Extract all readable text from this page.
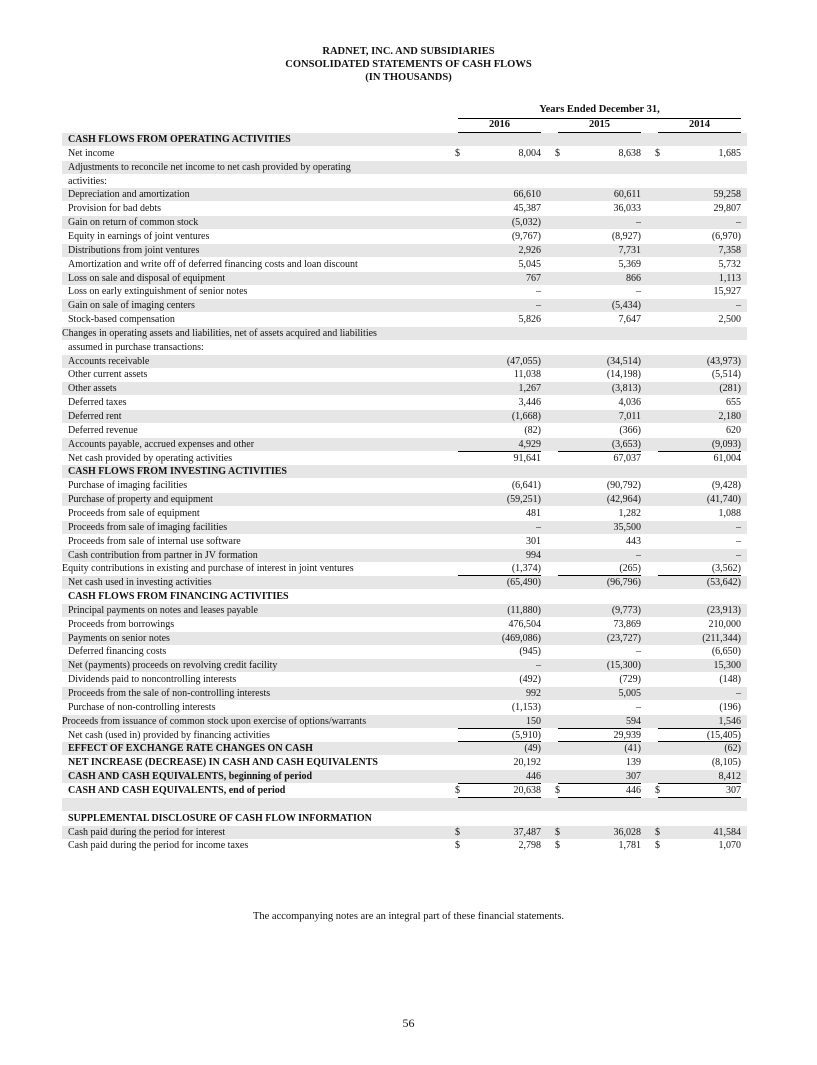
RADNET, INC. AND SUBSIDIARIES
CONSOLIDATED STATEMENTS OF CASH FLOWS
(IN THOUSANDS)
Years Ended December 31,
2016	2015	2014
CASH FLOWS FROM OPERATING ACTIVITIES
Net income	$	8,004 $	8,638 $	1,685
Adjustments to reconcile net income to net cash provided by operating
activities:
Depreciation and amortization	66,610	60,611	59,258
Provision for bad debts	45,387	36,033	29,807
Gain on return of common stock	(5,032)	–	–
Equity in earnings of joint ventures	(9,767)	(8,927)	(6,970)
Distributions from joint ventures	2,926	7,731	7,358
Amortization and write off of deferred financing costs and loan discount	5,045	5,369	5,732
Loss on sale and disposal of equipment	767	866	1,113
Loss on early extinguishment of senior notes	–	–	15,927
Gain on sale of imaging centers	–	(5,434)	–
Stock-based compensation	5,826	7,647	2,500
Changes in operating assets and liabilities, net of assets acquired and liabilities
assumed in purchase transactions:
Accounts receivable	(47,055)	(34,514)	(43,973)
Other current assets	11,038	(14,198)	(5,514)
Other assets	1,267	(3,813)	(281)
Deferred taxes	3,446	4,036	655
Deferred rent	(1,668)	7,011	2,180
Deferred revenue	(82)	(366)	620
Accounts payable, accrued expenses and other	4,929	(3,653)	(9,093)
Net cash provided by operating activities	91,641	67,037	61,004
CASH FLOWS FROM INVESTING ACTIVITIES
Purchase of imaging facilities	(6,641)	(90,792)	(9,428)
Purchase of property and equipment	(59,251)	(42,964)	(41,740)
Proceeds from sale of equipment	481	1,282	1,088
Proceeds from sale of imaging facilities	–	35,500	–
Proceeds from sale of internal use software	301	443	–
Cash contribution from partner in JV formation	994	–	–
Equity contributions in existing and purchase of interest in joint ventures	(1,374)	(265)	(3,562)
Net cash used in investing activities	(65,490)	(96,796)	(53,642)
CASH FLOWS FROM FINANCING ACTIVITIES
Principal payments on notes and leases payable	(11,880)	(9,773)	(23,913)
Proceeds from borrowings	476,504	73,869	210,000
Payments on senior notes	(469,086)	(23,727)	(211,344)
Deferred financing costs	(945)	–	(6,650)
Net (payments) proceeds on revolving credit facility	–	(15,300)	15,300
Dividends paid to noncontrolling interests	(492)	(729)	(148)
Proceeds from the sale of non-controlling interests	992	5,005	–
Purchase of non-controlling interests	(1,153)	–	(196)
Proceeds from issuance of common stock upon exercise of options/warrants	150	594	1,546
Net cash (used in) provided by financing activities	(5,910)	29,939	(15,405)
EFFECT OF EXCHANGE RATE CHANGES ON CASH	(49)	(41)	(62)
NET INCREASE (DECREASE) IN CASH AND CASH EQUIVALENTS	20,192	139	(8,105)
CASH AND CASH EQUIVALENTS, beginning of period	446	307	8,412
CASH AND CASH EQUIVALENTS, end of period	$	20,638 $	446 $	307
SUPPLEMENTAL DISCLOSURE OF CASH FLOW INFORMATION
Cash paid during the period for interest	$	37,487 $	36,028 $	41,584
Cash paid during the period for income taxes	$	2,798 $	1,781 $	1,070
The accompanying notes are an integral part of these financial statements.
56
